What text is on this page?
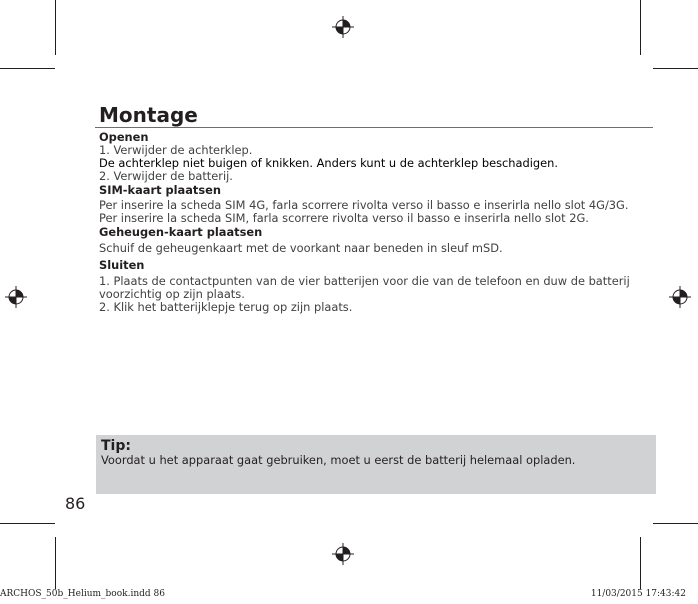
Montage
Openen
1. Verwijder de achterklep.
De achterklep niet buigen of knikken. Anders kunt u de achterklep beschadigen.
2. Verwijder de batterij.
SIM-kaart plaatsen
Per inserire la scheda SIM 4G, farla scorrere rivolta verso il basso e inserirla nello slot 4G/3G.
Per inserire la scheda SIM, farla scorrere rivolta verso il basso e inserirla nello slot 2G.
Geheugen-kaart plaatsen
Schuif de geheugenkaart met de voorkant naar beneden in sleuf mSD.
Sluiten
1. Plaats de contactpunten van de vier batterijen voor die van de telefoon en duw de batterij voorzichtig op zijn plaats.
2. Klik het batterijklepje terug op zijn plaats.
Tip:
Voordat u het apparaat gaat gebruiken, moet u eerst de batterij helemaal opladen.
86
ARCHOS_50b_Helium_book.indd 86	11/03/2015 17:43:42
